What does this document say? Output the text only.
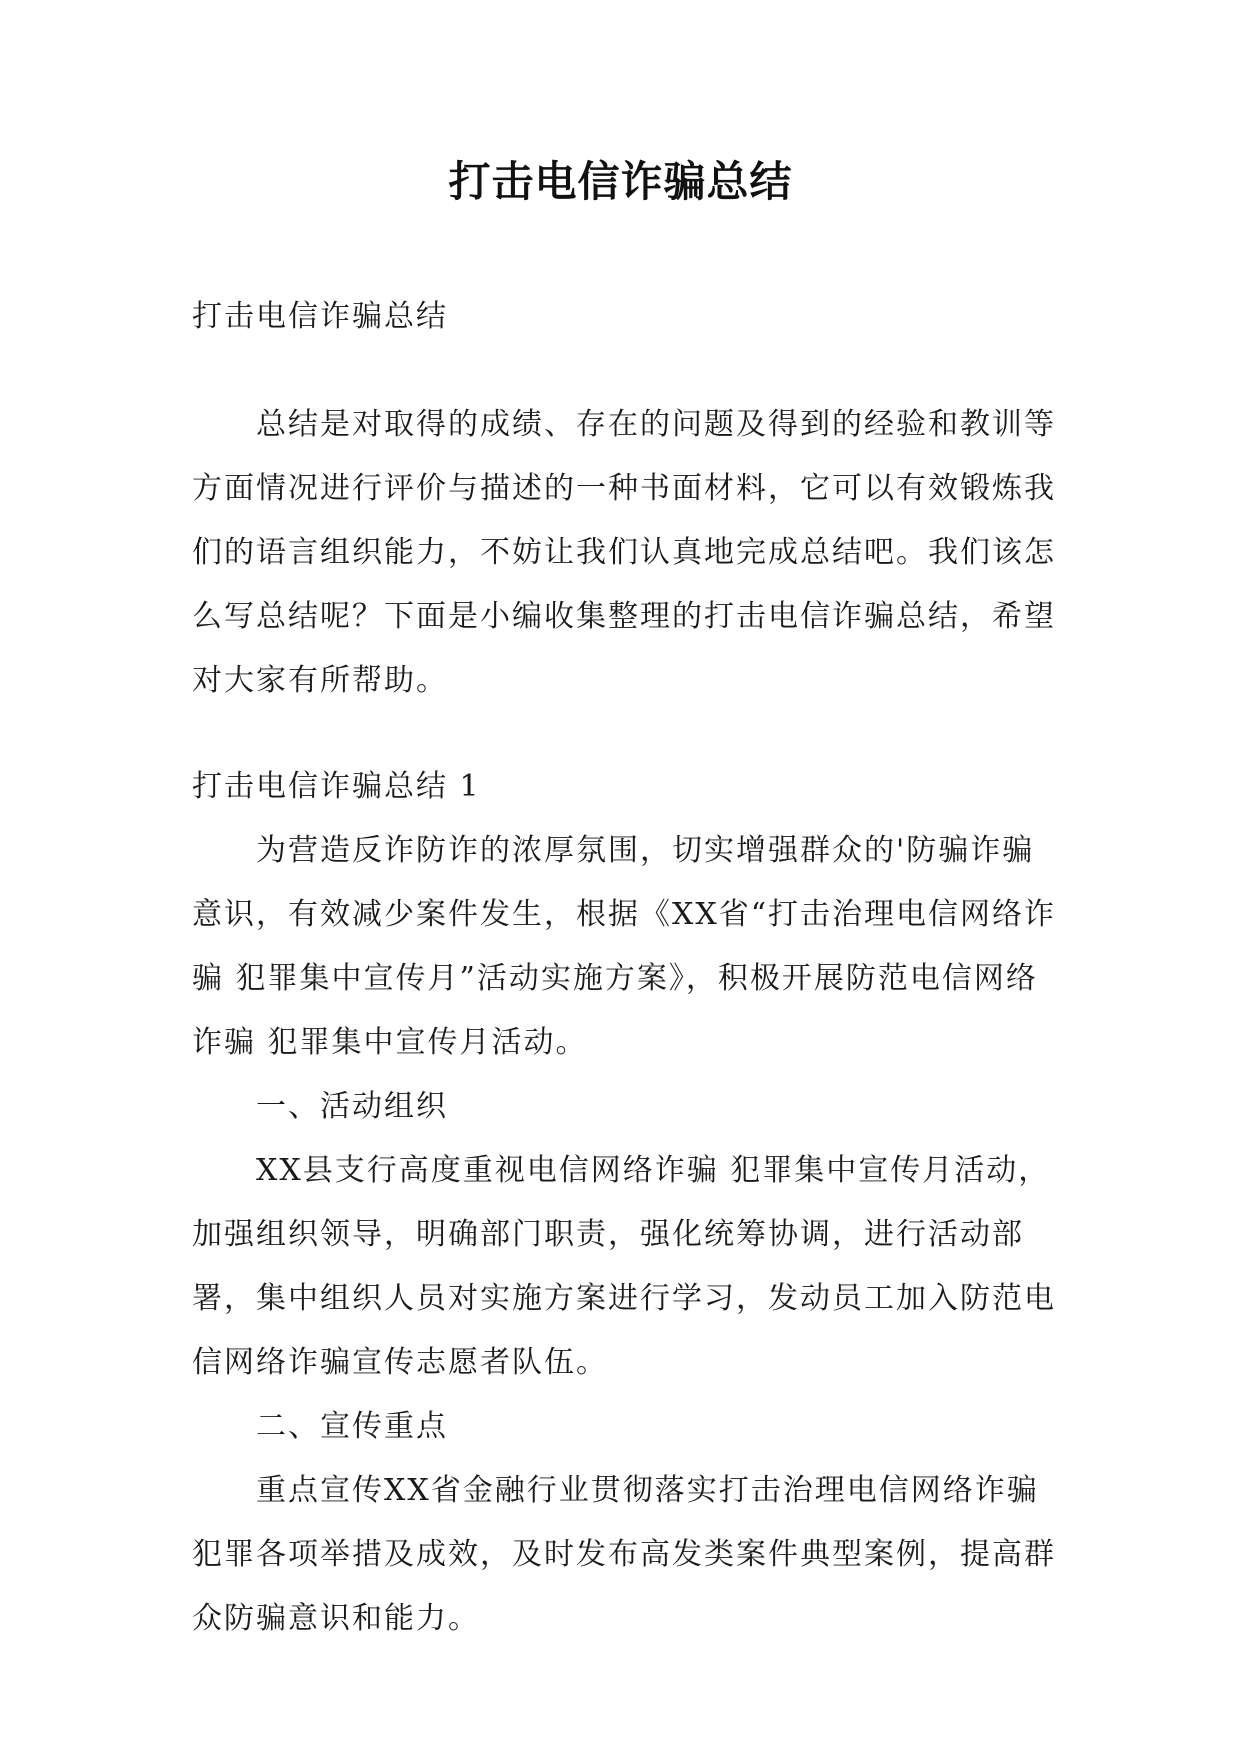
打击电信诈骗总结

打击电信诈骗总结

总结是对取得的成绩、存在的问题及得到的经验和教训等方面情况进行评价与描述的一种书面材料，它可以有效锻炼我们的语言组织能力，不妨让我们认真地完成总结吧。我们该怎么写总结呢？下面是小编收集整理的打击电信诈骗总结，希望对大家有所帮助。

打击电信诈骗总结 1

为营造反诈防诈的浓厚氛围，切实增强群众的'防骗诈骗意识，有效减少案件发生，根据《XX省“打击治理电信网络诈骗 犯罪集中宣传月”活动实施方案》，积极开展防范电信网络诈骗 犯罪集中宣传月活动。

一、活动组织

XX县支行高度重视电信网络诈骗 犯罪集中宣传月活动，加强组织领导，明确部门职责，强化统筹协调，进行活动部署，集中组织人员对实施方案进行学习，发动员工加入防范电信网络诈骗宣传志愿者队伍。

二、宣传重点

重点宣传XX省金融行业贯彻落实打击治理电信网络诈骗 犯罪各项举措及成效，及时发布高发类案件典型案例，提高群众防骗意识和能力。
